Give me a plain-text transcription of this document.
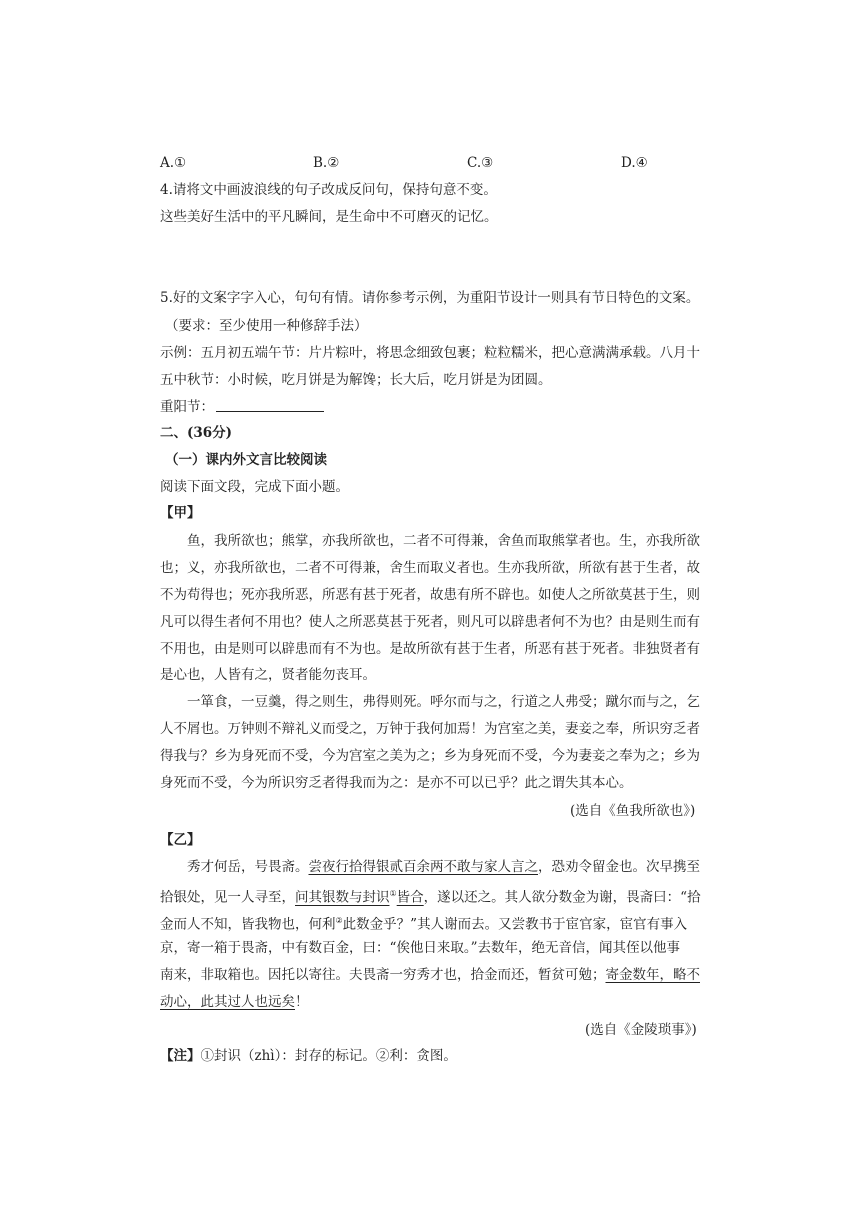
A.①	B.②	C.③	D.④
4.请将文中画波浪线的句子改成反问句，保持句意不变。
这些美好生活中的平凡瞬间，是生命中不可磨灭的记忆。
5.好的文案字字入心，句句有情。请你参考示例，为重阳节设计一则具有节日特色的文案。
（要求：至少使用一种修辞手法）
示例：五月初五端午节：片片粽叶，将思念细致包裹；粒粒糯米，把心意满满承载。八月十
五中秋节：小时候，吃月饼是为解馋；长大后，吃月饼是为团圆。
重阳节：
二、(36分)
（一）课内外文言比较阅读
阅读下面文段，完成下面小题。
【甲】
鱼，我所欲也；熊掌，亦我所欲也，二者不可得兼，舍鱼而取熊掌者也。生，亦我所欲
也；义，亦我所欲也，二者不可得兼，舍生而取义者也。生亦我所欲，所欲有甚于生者，故
不为苟得也；死亦我所恶，所恶有甚于死者，故患有所不辟也。如使人之所欲莫甚于生，则
凡可以得生者何不用也？使人之所恶莫甚于死者，则凡可以辟患者何不为也？由是则生而有
不用也，由是则可以辟患而有不为也。是故所欲有甚于生者，所恶有甚于死者。非独贤者有
是心也，人皆有之，贤者能勿丧耳。
一箪食，一豆羹，得之则生，弗得则死。呼尔而与之，行道之人弗受；蹴尔而与之，乞
人不屑也。万钟则不辩礼义而受之，万钟于我何加焉！为宫室之美，妻妾之奉，所识穷乏者
得我与？乡为身死而不受，今为宫室之美为之；乡为身死而不受，今为妻妾之奉为之；乡为
身死而不受，今为所识穷乏者得我而为之：是亦不可以已乎？此之谓失其本心。
(选自《鱼我所欲也》)
【乙】
秀才何岳，号畏斋。尝夜行拾得银贰百余两不敢与家人言之，恐劝令留金也。次早携至
拾银处，见一人寻至，问其银数与封识①皆合，遂以还之。其人欲分数金为谢，畏斋曰：“拾
金而人不知，皆我物也，何利②此数金乎？”其人谢而去。又尝教书于宦官家，宦官有事入
京，寄一箱于畏斋，中有数百金，曰：“俟他日来取。”去数年，绝无音信，闻其侄以他事
南来，非取箱也。因托以寄往。夫畏斋一穷秀才也，拾金而还，暂贫可勉；寄金数年，略不
动心，此其过人也远矣！
(选自《金陵琐事》)
【注】①封识（zhì）：封存的标记。②利：贪图。
